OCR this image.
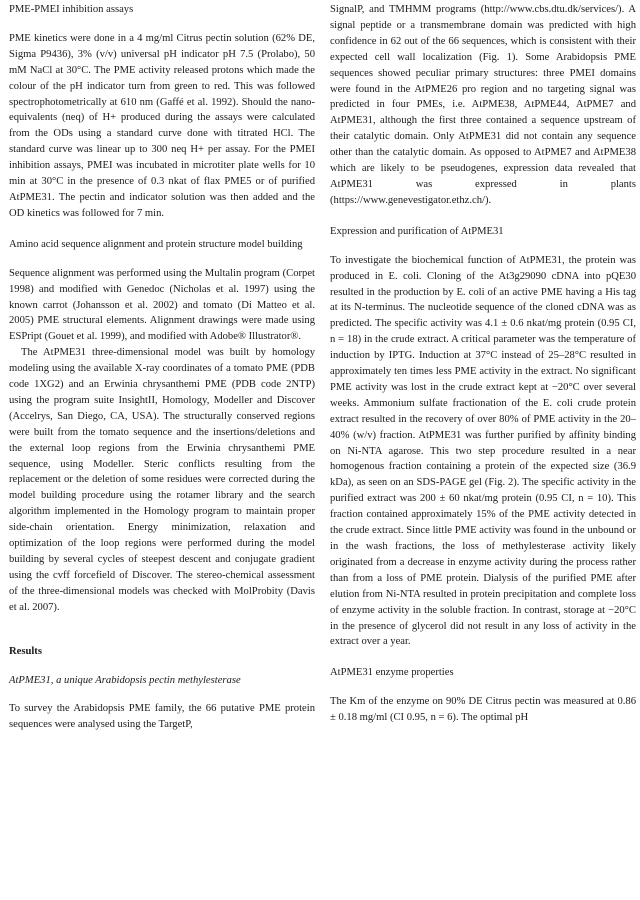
PME-PMEI inhibition assays

PME kinetics were done in a 4 mg/ml Citrus pectin solution (62% DE, Sigma P9436), 3% (v/v) universal pH indicator pH 7.5 (Prolabo), 50 mM NaCl at 30°C. The PME activity released protons which made the colour of the pH indicator turn from green to red. This was followed spectrophotometrically at 610 nm (Gaffé et al. 1992). Should the nano-equivalents (neq) of H+ produced during the assays were calculated from the ODs using a standard curve done with titrated HCl. The standard curve was linear up to 300 neq H+ per assay. For the PMEI inhibition assays, PMEI was incubated in microtiter plate wells for 10 min at 30°C in the presence of 0.3 nkat of flax PME5 or of purified AtPME31. The pectin and indicator solution was then added and the OD kinetics was followed for 7 min.

Amino acid sequence alignment and protein structure model building

Sequence alignment was performed using the Multalin program (Corpet 1998) and modified with Genedoc (Nicholas et al. 1997) using the known carrot (Johansson et al. 2002) and tomato (Di Matteo et al. 2005) PME structural elements. Alignment drawings were made using ESPript (Gouet et al. 1999), and modified with Adobe® Illustrator®.

The AtPME31 three-dimensional model was built by homology modeling using the available X-ray coordinates of a tomato PME (PDB code 1XG2) and an Erwinia chrysanthemi PME (PDB code 2NTP) using the program suite InsightII, Homology, Modeller and Discover (Accelrys, San Diego, CA, USA). The structurally conserved regions were built from the tomato sequence and the insertions/deletions and the external loop regions from the Erwinia chrysanthemi PME sequence, using Modeller. Steric conflicts resulting from the replacement or the deletion of some residues were corrected during the model building procedure using the rotamer library and the search algorithm implemented in the Homology program to maintain proper side-chain orientation. Energy minimization, relaxation and optimization of the loop regions were performed during the model building by several cycles of steepest descent and conjugate gradient using the cvff forcefield of Discover. The stereo-chemical assessment of the three-dimensional models was checked with MolProbity (Davis et al. 2007).

Results
AtPME31, a unique Arabidopsis pectin methylesterase

To survey the Arabidopsis PME family, the 66 putative PME protein sequences were analysed using the TargetP,

SignalP, and TMHMM programs (http://www.cbs.dtu.dk/services/). A signal peptide or a transmembrane domain was predicted with high confidence in 62 out of the 66 sequences, which is consistent with their expected cell wall localization (Fig. 1). Some Arabidopsis PME sequences showed peculiar primary structures: three PMEI domains were found in the AtPME26 pro region and no targeting signal was predicted in four PMEs, i.e. AtPME38, AtPME44, AtPME7 and AtPME31, although the first three contained a sequence upstream of their catalytic domain. Only AtPME31 did not contain any sequence other than the catalytic domain. As opposed to AtPME7 and AtPME38 which are likely to be pseudogenes, expression data revealed that AtPME31 was expressed in plants (https://www.genevestigator.ethz.ch/).

Expression and purification of AtPME31

To investigate the biochemical function of AtPME31, the protein was produced in E. coli. Cloning of the At3g29090 cDNA into pQE30 resulted in the production by E. coli of an active PME having a His tag at its N-terminus. The nucleotide sequence of the cloned cDNA was as predicted. The specific activity was 4.1 ± 0.6 nkat/mg protein (0.95 CI, n = 18) in the crude extract. A critical parameter was the temperature of induction by IPTG. Induction at 37°C instead of 25–28°C resulted in approximately ten times less PME activity in the extract. No significant PME activity was lost in the crude extract kept at −20°C over several weeks. Ammonium sulfate fractionation of the E. coli crude protein extract resulted in the recovery of over 80% of PME activity in the 20–40% (w/v) fraction. AtPME31 was further purified by affinity binding on Ni-NTA agarose. This two step procedure resulted in a near homogenous fraction containing a protein of the expected size (36.9 kDa), as seen on an SDS-PAGE gel (Fig. 2). The specific activity in the purified extract was 200 ± 60 nkat/mg protein (0.95 CI, n = 10). This fraction contained approximately 15% of the PME activity detected in the crude extract. Since little PME activity was found in the unbound or in the wash fractions, the loss of methylesterase activity likely originated from a decrease in enzyme activity during the process rather than from a loss of PME protein. Dialysis of the purified PME after elution from Ni-NTA resulted in protein precipitation and complete loss of enzyme activity in the soluble fraction. In contrast, storage at −20°C in the presence of glycerol did not result in any loss of activity in the extract over a year.

AtPME31 enzyme properties

The Km of the enzyme on 90% DE Citrus pectin was measured at 0.86 ± 0.18 mg/ml (CI 0.95, n = 6). The optimal pH
